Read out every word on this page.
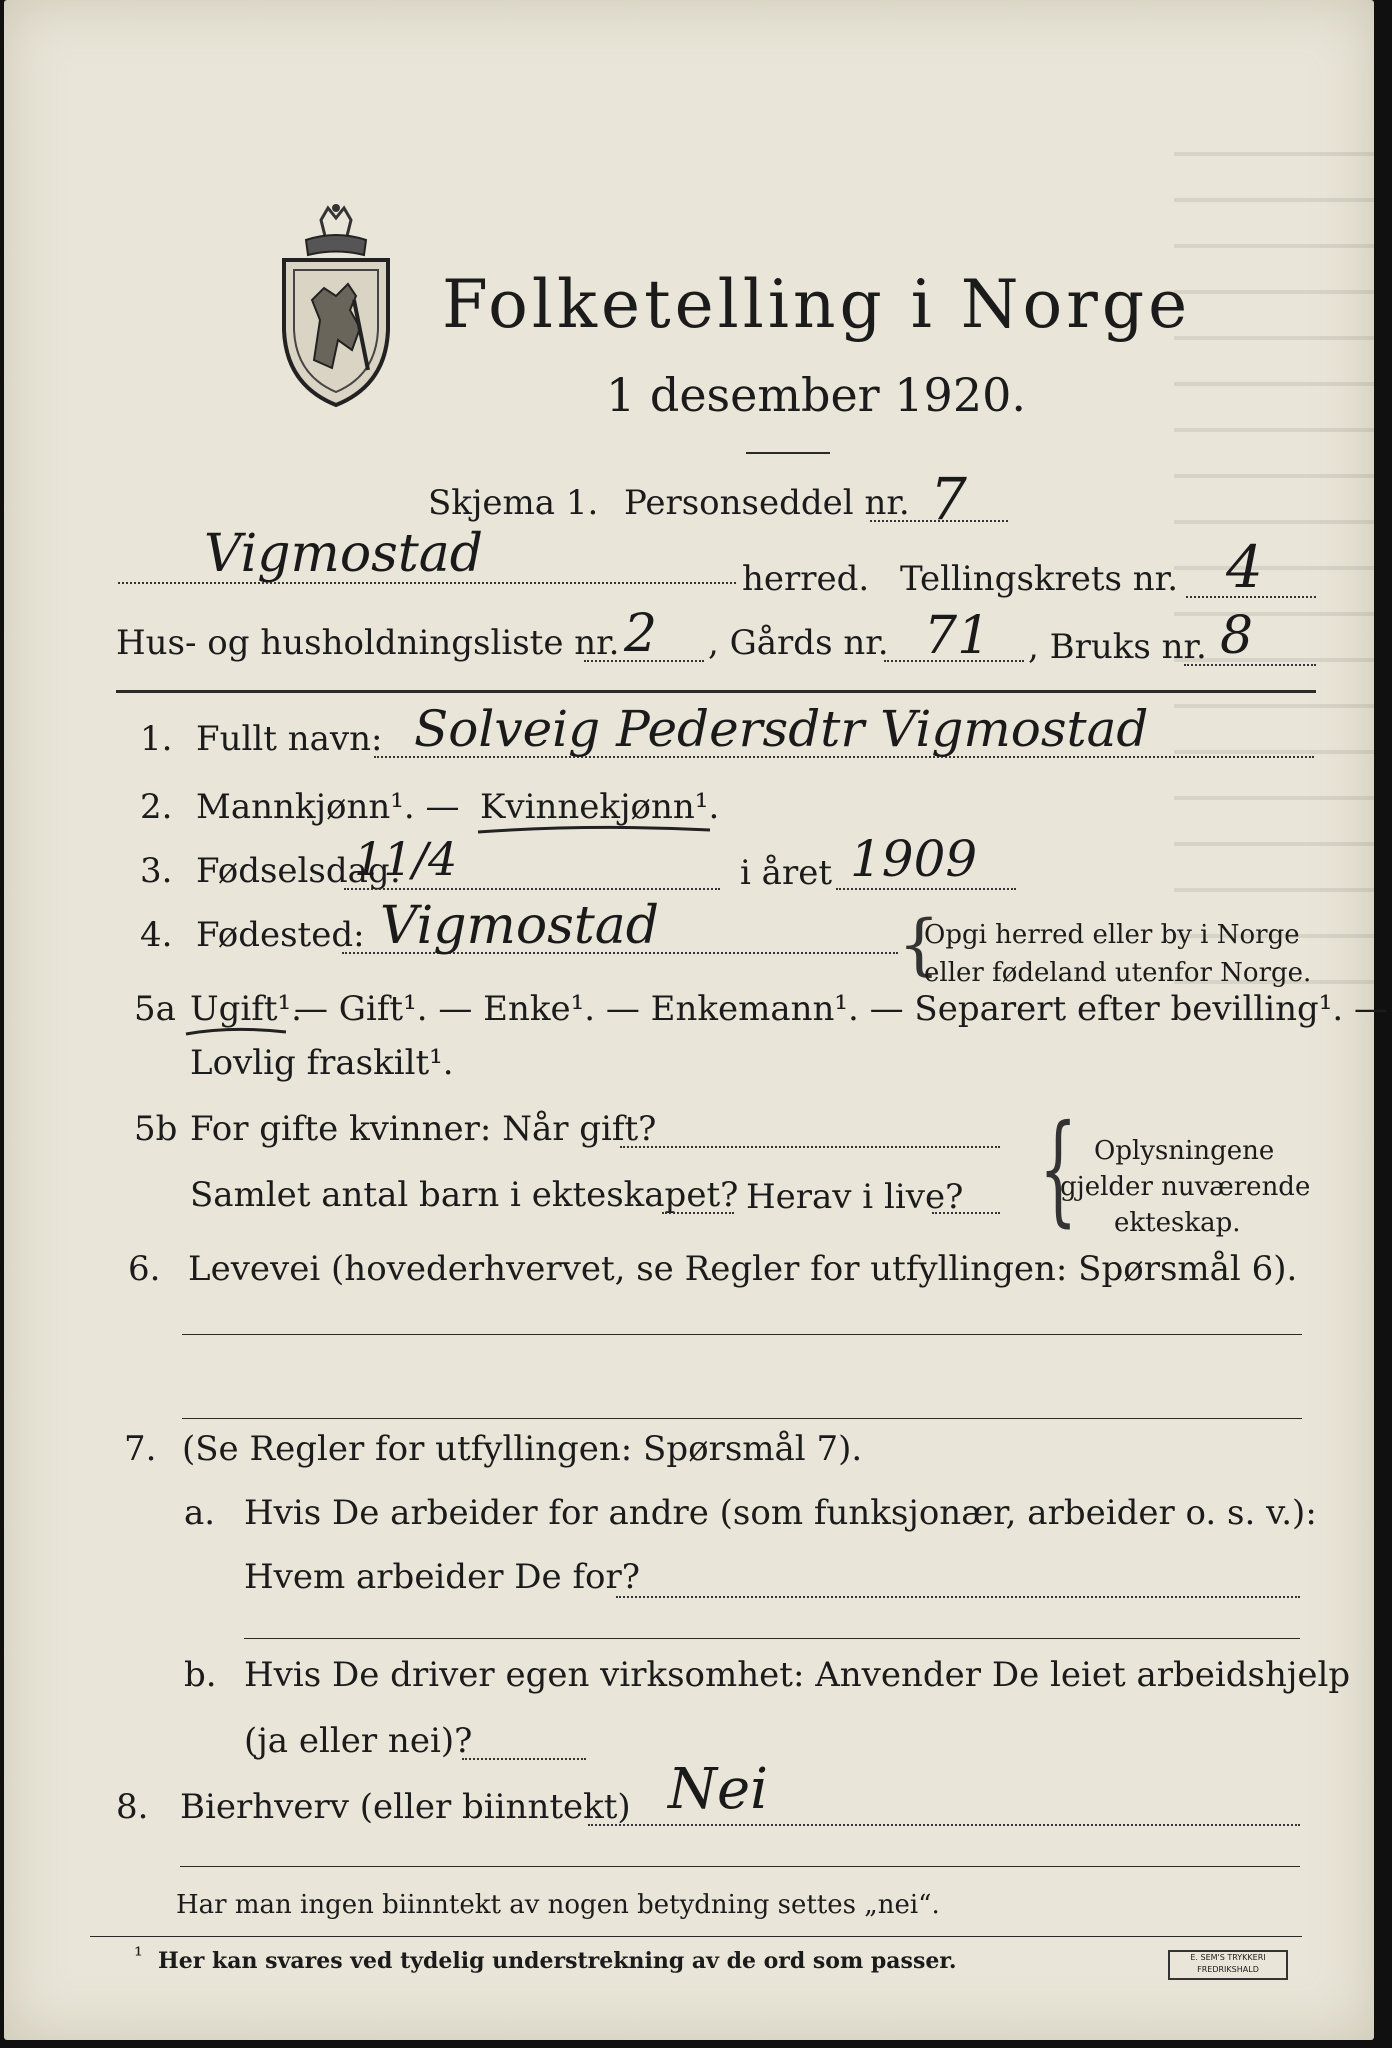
Folketelling i Norge
1 desember 1920.
Skjema 1. Personseddel nr. 7
Vigmostad	herred. Tellingskrets nr. 4
Hus- og husholdningsliste nr. 2 , Gårds nr. 71 , Bruks nr. 8
1. Fullt navn: Solveig Pedersdtr Vigmostad
2. Mannkjønn¹. — Kvinnekjønn¹.
3. Fødselsdag:
11/4	i året 1909
4. Fødested: Vigmostad	{
Opgi herred eller by i Norge
eller fødeland utenfor Norge.
5a Ugift¹.
— Gift¹. — Enke¹. — Enkemann¹. — Separert efter bevilling¹. —
Lovlig fraskilt¹.
5b For gifte kvinner: Når gift?
Samlet antal barn i ekteskapet? Herav i live? { Oplysningene
gjelder nuværende
ekteskap.
6. Levevei (hovederhvervet, se Regler for utfyllingen: Spørsmål 6).
7. (Se Regler for utfyllingen: Spørsmål 7).
a. Hvis De arbeider for andre (som funksjonær, arbeider o. s. v.):
Hvem arbeider De for?
b. Hvis De driver egen virksomhet: Anvender De leiet arbeidshjelp
(ja eller nei)?
8. Bierhverv (eller biinntekt) Nei
Har man ingen biinntekt av nogen betydning settes „nei“.
¹ Her kan svares ved tydelig understrekning av de ord som passer.	E. SEM'S TRYKKERI FREDRIKSHALD
